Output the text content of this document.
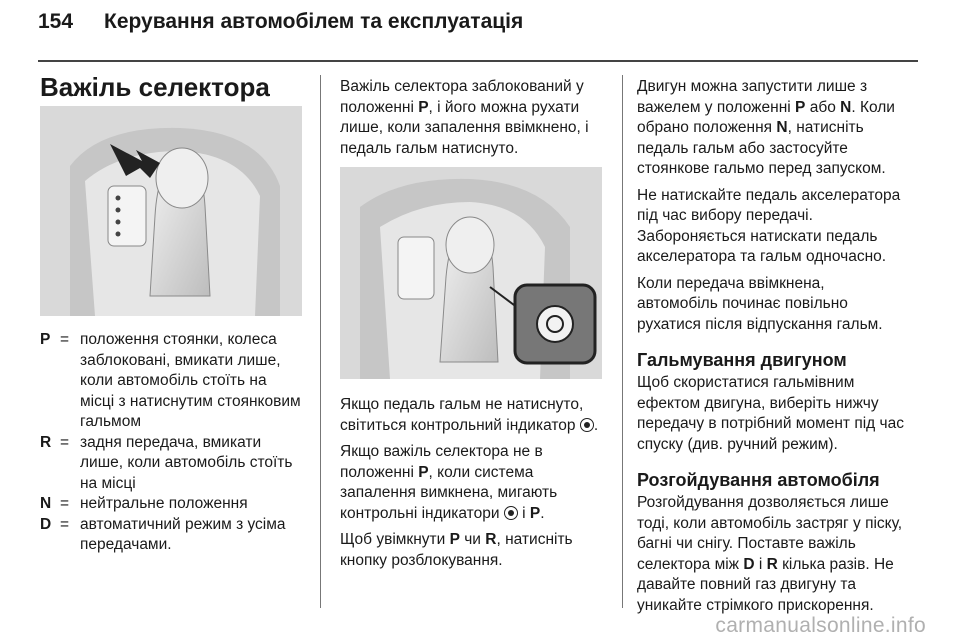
154 Керування автомобілем та експлуатація
Важіль селектора
P = положення стоянки, колеса заблоковані, вмикати лише, коли автомобіль стоїть на місці з натиснутим стоянковим гальмом
R = задня передача, вмикати лише, коли автомобіль стоїть на місці
N = нейтральне положення
D = автоматичний режим з усіма передачами.

Важіль селектора заблокований у положенні P, і його можна рухати лише, коли запалення ввімкнено, і педаль гальм натиснуто.

Якщо педаль гальм не натиснуто, світиться контрольний індикатор .

Якщо важіль селектора не в положенні P, коли система запалення вимкнена, мигають контрольні індикатори  і P.

Щоб увімкнути P чи R, натисніть кнопку розблокування.

Двигун можна запустити лише з важелем у положенні P або N. Коли обрано положення N, натисніть педаль гальм або застосуйте стоянкове гальмо перед запуском.

Не натискайте педаль акселератора під час вибору передачі. Забороняється натискати педаль акселератора та гальм одночасно.

Коли передача ввімкнена, автомобіль починає повільно рухатися після відпускання гальм.

Гальмування двигуном

Щоб скористатися гальмівним ефектом двигуна, виберіть нижчу передачу в потрібний момент під час спуску (див. ручний режим).

Розгойдування автомобіля

Розгойдування дозволяється лише тоді, коли автомобіль застряг у піску, багні чи снігу. Поставте важіль селектора між D і R кілька разів. Не давайте повний газ двигуну та уникайте стрімкого прискорення.

carmanualsonline.info
